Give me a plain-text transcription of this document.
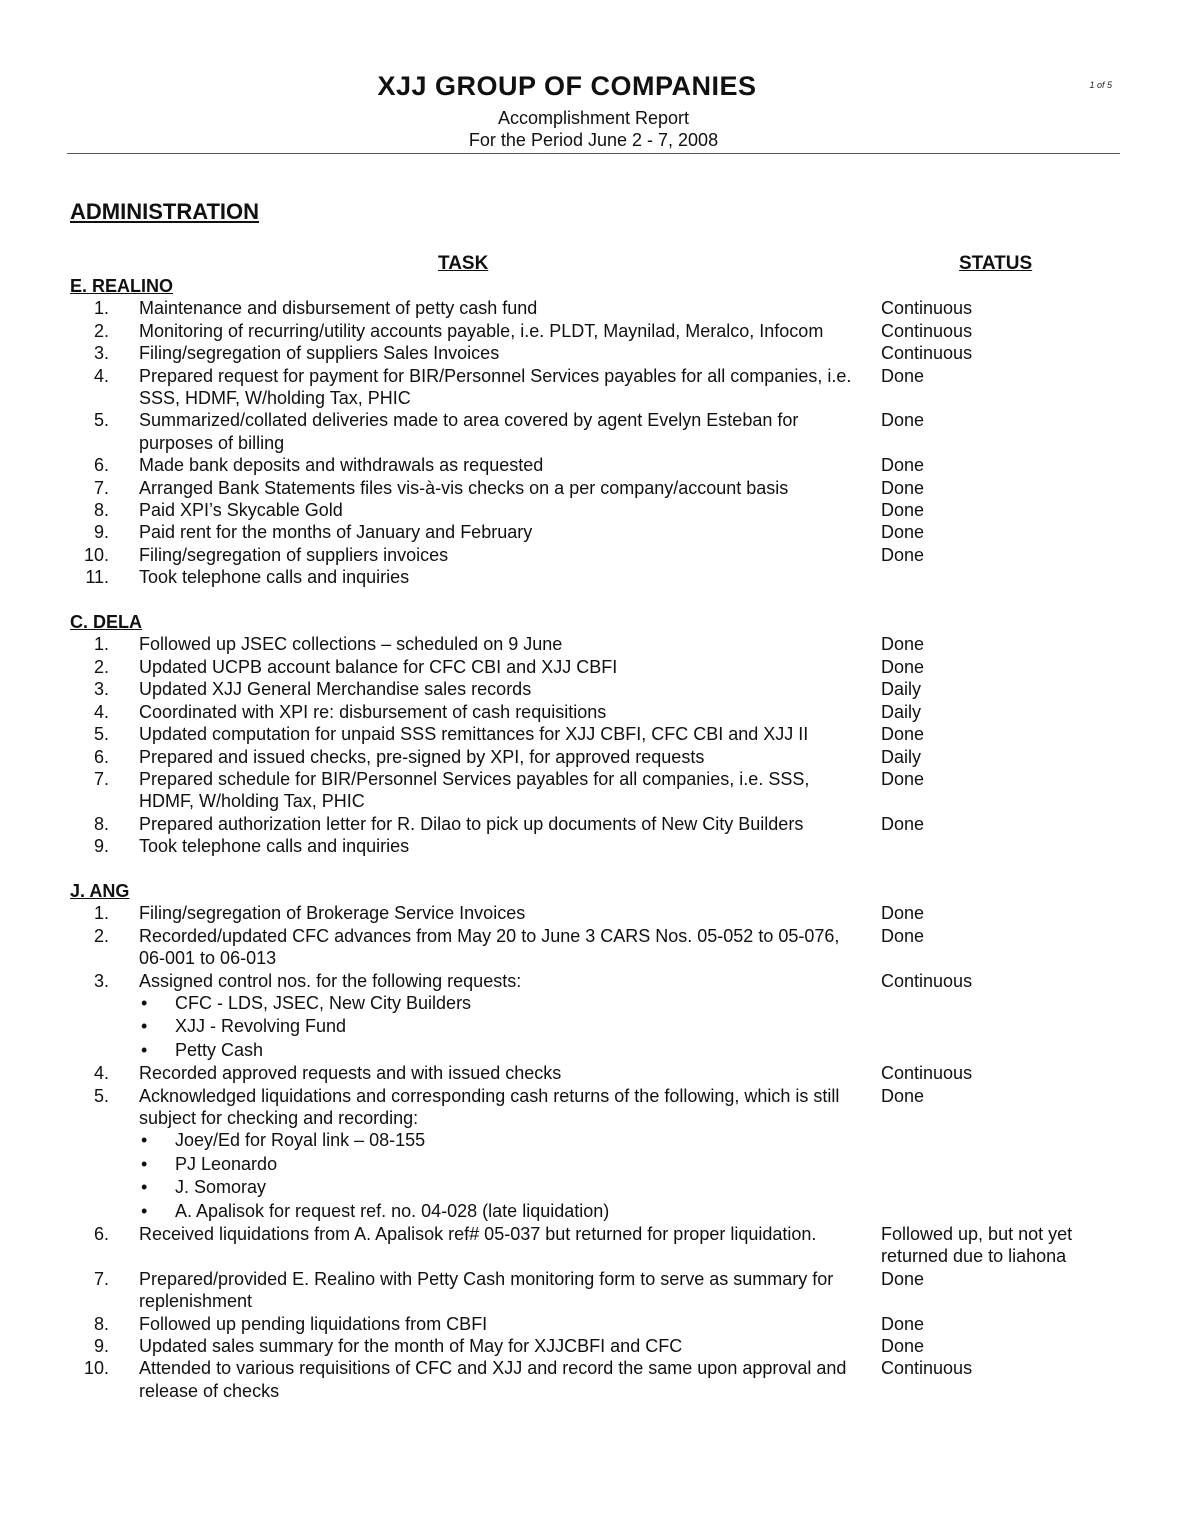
1 of 5
XJJ GROUP OF COMPANIES
Accomplishment Report
For the Period June 2 - 7, 2008
ADMINISTRATION
TASK	STATUS
E. REALINO
1. Maintenance and disbursement of petty cash fund	Continuous
2. Monitoring of recurring/utility accounts payable, i.e. PLDT, Maynilad, Meralco, Infocom	Continuous
3. Filing/segregation of suppliers Sales Invoices	Continuous
4. Prepared request for payment for BIR/Personnel Services payables for all companies, i.e. SSS, HDMF, W/holding Tax, PHIC
Done
5. Summarized/collated deliveries made to area covered by agent Evelyn Esteban for purposes of billing
Done
6. Made bank deposits and withdrawals as requested	Done
7. Arranged Bank Statements files vis-à-vis checks on a per company/account basis	Done
8. Paid XPI’s Skycable Gold	Done
9. Paid rent for the months of January and February	Done
10. Filing/segregation of suppliers invoices	Done
11. Took telephone calls and inquiries
C. DELA
1. Followed up JSEC collections – scheduled on 9 June	Done
2. Updated UCPB account balance for CFC CBI and XJJ CBFI	Done
3. Updated XJJ General Merchandise sales records	Daily
4. Coordinated with XPI re: disbursement of cash requisitions	Daily
5. Updated computation for unpaid SSS remittances for XJJ CBFI, CFC CBI and XJJ II	Done
6. Prepared and issued checks, pre-signed by XPI, for approved requests	Daily
7. Prepared schedule for BIR/Personnel Services payables for all companies, i.e. SSS, HDMF, W/holding Tax, PHIC
Done
8. Prepared authorization letter for R. Dilao to pick up documents of New City Builders	Done
9. Took telephone calls and inquiries
J. ANG
1. Filing/segregation of Brokerage Service Invoices	Done
2. Recorded/updated CFC advances from May 20 to June 3 CARS Nos. 05-052 to 05-076, 06-001 to 06-013
Done
3. Assigned control nos. for the following requests:
•	CFC - LDS, JSEC, New City Builders
•	XJJ - Revolving Fund
•	Petty Cash
Continuous
4. Recorded approved requests and with issued checks	Continuous
5. Acknowledged liquidations and corresponding cash returns of the following, which is still subject for checking and recording:
•	Joey/Ed for Royal link – 08-155
•	PJ Leonardo
•	J. Somoray
•	A. Apalisok for request ref. no. 04-028 (late liquidation)
Done
6. Received liquidations from A. Apalisok ref# 05-037 but returned for proper liquidation.	Followed up, but not yet returned due to liahona
7. Prepared/provided E. Realino with Petty Cash monitoring form to serve as summary for replenishment
Done
8. Followed up pending liquidations from CBFI	Done
9. Updated sales summary for the month of May for XJJCBFI and CFC	Done
10. Attended to various requisitions of CFC and XJJ and record the same upon approval and release of checks
Continuous
